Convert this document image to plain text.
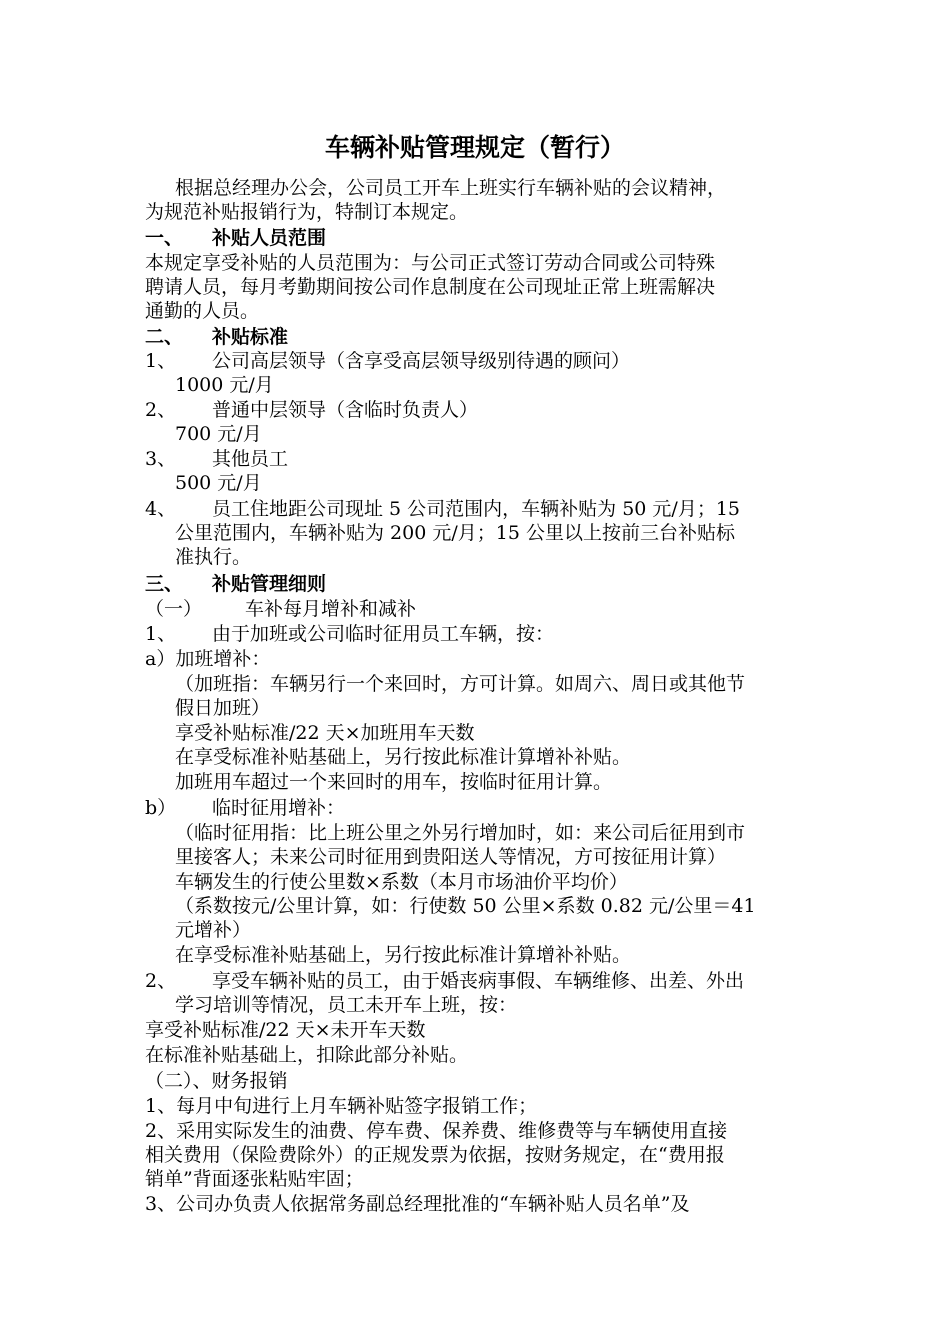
车辆补贴管理规定（暂行）
根据总经理办公会，公司员工开车上班实行车辆补贴的会议精神，
为规范补贴报销行为，特制订本规定。
一、 补贴人员范围
本规定享受补贴的人员范围为：与公司正式签订劳动合同或公司特殊
聘请人员，每月考勤期间按公司作息制度在公司现址正常上班需解决
通勤的人员。
二、 补贴标准
1、 公司高层领导（含享受高层领导级别待遇的顾问）
1000 元/月
2、 普通中层领导（含临时负责人）
700 元/月
3、 其他员工
500 元/月
4、 员工住地距公司现址 5 公司范围内，车辆补贴为 50 元/月；15
公里范围内，车辆补贴为 200 元/月；15 公里以上按前三台补贴标
准执行。
三、 补贴管理细则
（一） 车补每月增补和减补
1、 由于加班或公司临时征用员工车辆，按：
a）加班增补：
（加班指：车辆另行一个来回时，方可计算。如周六、周日或其他节
假日加班）
享受补贴标准/22 天×加班用车天数
在享受标准补贴基础上，另行按此标准计算增补补贴。
加班用车超过一个来回时的用车，按临时征用计算。
b） 临时征用增补：
（临时征用指：比上班公里之外另行增加时，如：来公司后征用到市
里接客人；未来公司时征用到贵阳送人等情况，方可按征用计算）
车辆发生的行使公里数×系数（本月市场油价平均价）
（系数按元/公里计算，如：行使数 50 公里×系数 0.82 元/公里＝41
元增补）
在享受标准补贴基础上，另行按此标准计算增补补贴。
2、 享受车辆补贴的员工，由于婚丧病事假、车辆维修、出差、外出
学习培训等情况，员工未开车上班，按：
享受补贴标准/22 天×未开车天数
在标准补贴基础上，扣除此部分补贴。
（二）、财务报销
1、每月中旬进行上月车辆补贴签字报销工作；
2、采用实际发生的油费、停车费、保养费、维修费等与车辆使用直接
相关费用（保险费除外）的正规发票为依据，按财务规定，在“费用报
销单”背面逐张粘贴牢固；
3、公司办负责人依据常务副总经理批准的“车辆补贴人员名单”及
